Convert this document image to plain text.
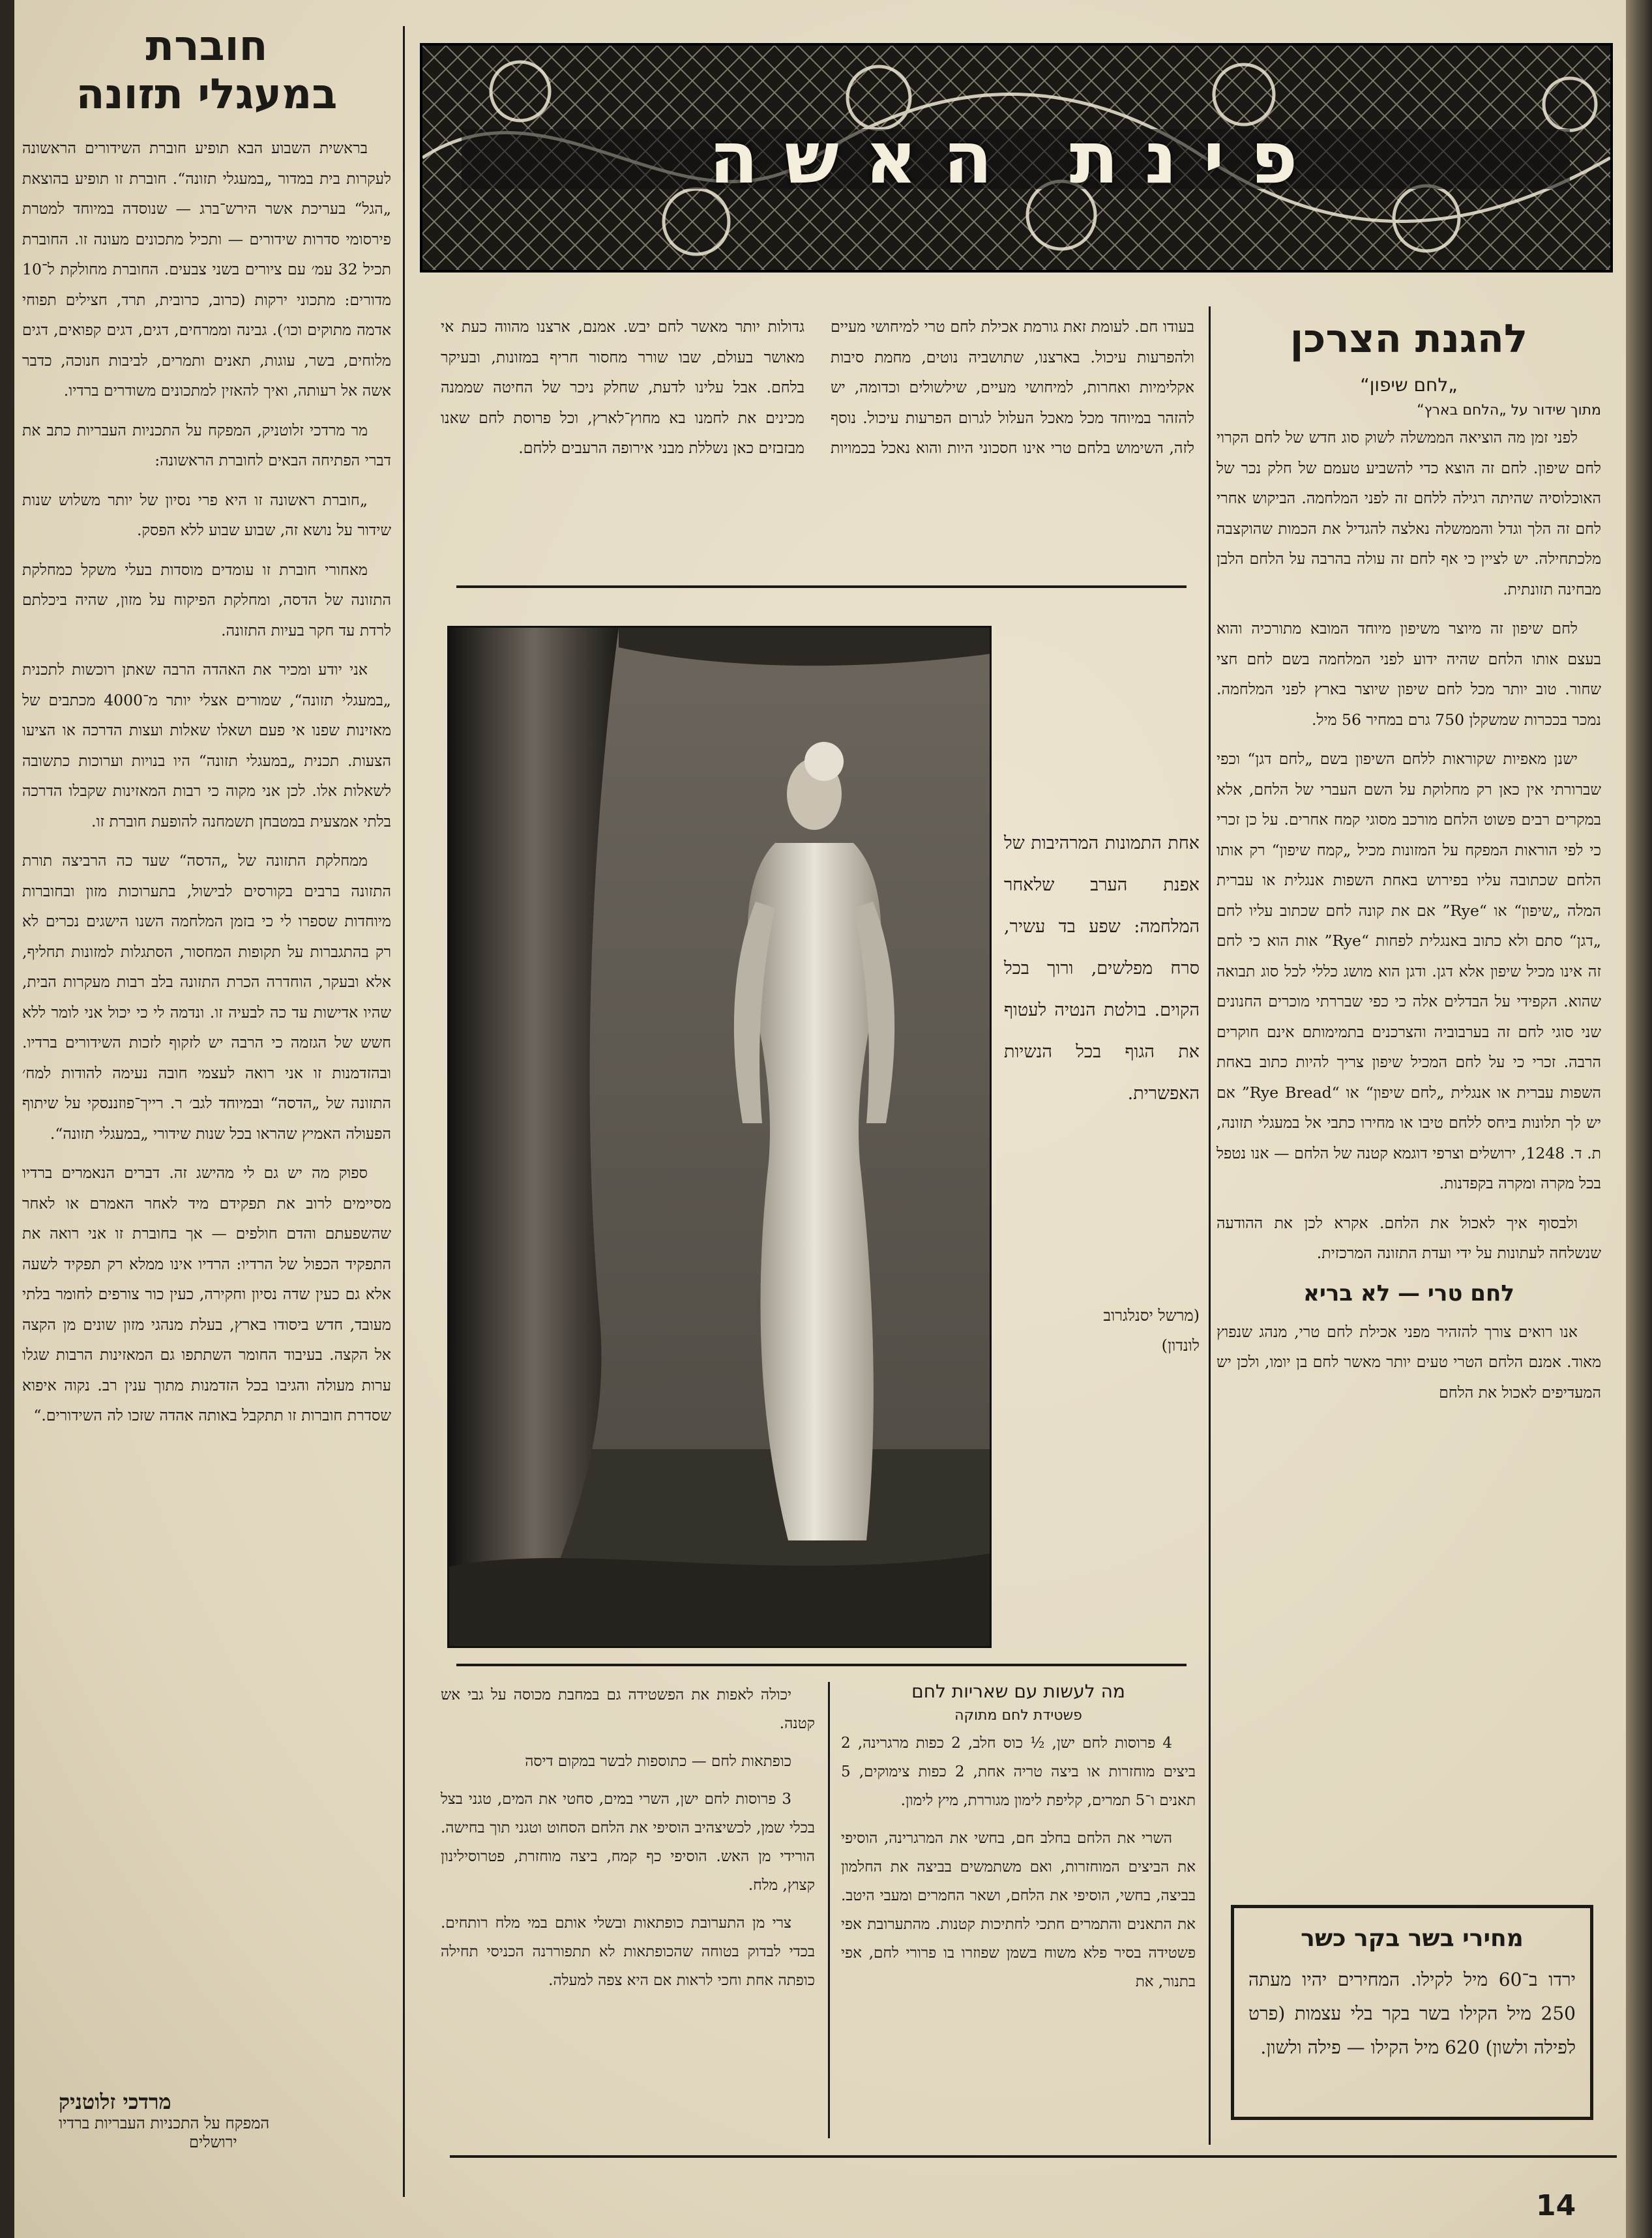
פינת האשה
חוברת
במעגלי תזונה

בראשית השבוע הבא תופיע חוברת השידורים הראשונה לעקרות בית במדור „במעגלי תזונה“. חוברת זו תופיע בהוצאת „הגל“ בעריכת אשר הירש־ברג — שנוסדה במיוחד למטרת פירסומי סדרות שידורים — ותכיל מתכונים מעונה זו. החוברת תכיל 32 עמ׳ עם ציורים בשני צבעים. החוברת מחולקת ל־10 מדורים: מתכוני ירקות (כרוב, כרובית, תרד, חצילים תפוחי אדמה מתוקים וכו׳). גבינה וממרחים, דגים, דגים קפואים, דגים מלוחים, בשר, עוגות, תאנים ותמרים, לביבות חנוכה, כדבר אשה אל רעותה, ואיך להאזין למתכונים משודרים ברדיו.

מר מרדכי זלוטניק, המפקח על התכניות העבריות כתב את דברי הפתיחה הבאים לחוברת הראשונה:

„חוברת ראשונה זו היא פרי נסיון של יותר משלוש שנות שידור על נושא זה, שבוע שבוע ללא הפסק.

מאחורי חוברת זו עומדים מוסדות בעלי משקל כמחלקת התזונה של הדסה, ומחלקת הפיקוח על מזון, שהיה ביכלתם לרדת עד חקר בעיות התזונה.

אני יודע ומכיר את האהדה הרבה שאתן רוכשות לתכנית „במעגלי תזונה“, שמורים אצלי יותר מ־4000 מכתבים של מאזינות שפנו אי פעם ושאלו שאלות ועצות הדרכה או הציעו הצעות. תכנית „במעגלי תזונה“ היו בנויות וערוכות כתשובה לשאלות אלו. לכן אני מקוה כי רבות המאזינות שקבלו הדרכה בלתי אמצעית במטבחן תשמחנה להופעת חוברת זו.

ממחלקת התזונה של „הדסה“ שעד כה הרביצה תורת התזונה ברבים בקורסים לבישול, בתערוכות מזון ובחוברות מיוחדות שספרו לי כי בזמן המלחמה השנו הישגים נכרים לא רק בהתגברות על תקופות המחסור, הסתגלות למזונות תחליף, אלא ובעקר, הוחדרה הכרת התזונה בלב רבות מעקרות הבית, שהיו אדישות עד כה לבעיה זו. ונדמה לי כי יכול אני לומר ללא חשש של הגזמה כי הרבה יש לזקוף לזכות השידורים ברדיו. ובהזדמנות זו אני רואה לעצמי חובה נעימה להודות למח׳ התזונה של „הדסה“ ובמיוחד לגב׳ ר. רייך־פוזננסקי על שיתוף הפעולה האמיץ שהראו בכל שנות שידורי „במעגלי תזונה“.

ספוק מה יש גם לי מהישג זה. דברים הנאמרים ברדיו מסיימים לרוב את תפקידם מיד לאחר האמרם או לאחר שהשפעתם והדם חולפים — אך בחוברת זו אני רואה את התפקיד הכפול של הרדיו: הרדיו אינו ממלא רק תפקיד לשעה אלא גם כעין שדה נסיון וחקירה, כעין כור צורפים לחומר בלתי מעובד, חדש ביסודו בארץ, בעלת מנהגי מזון שונים מן הקצה אל הקצה. בעיבוד החומר השתתפו גם המאזינות הרבות שגלו ערות מעולה והגיבו בכל הזדמנות מתוך ענין רב. נקוה איפוא שסדרת חוברות זו תתקבל באותה אהדה שזכו לה השידורים.“

מרדכי זלוטניק
המפקח על התכניות העבריות ברדיו
ירושלים
להגנת הצרכן
„לחם שיפון“
מתוך שידור על „הלחם בארץ“

לפני זמן מה הוציאה הממשלה לשוק סוג חדש של לחם הקרוי לחם שיפון. לחם זה הוצא כדי להשביע טעמם של חלק נכר של האוכלוסיה שהיתה רגילה ללחם זה לפני המלחמה. הביקוש אחרי לחם זה הלך וגדל והממשלה נאלצה להגדיל את הכמות שהוקצבה מלכתחילה. יש לציין כי אף לחם זה עולה בהרבה על הלחם הלבן מבחינה תזונתית.

לחם שיפון זה מיוצר משיפון מיוחד המובא מתורכיה והוא בעצם אותו הלחם שהיה ידוע לפני המלחמה בשם לחם חצי שחור. טוב יותר מכל לחם שיפון שיוצר בארץ לפני המלחמה. נמכר בככרות שמשקלן 750 גרם במחיר 56 מיל.

ישנן מאפיות שקוראות ללחם השיפון בשם „לחם דגן“ וכפי שברורתי אין כאן רק מחלוקת על השם העברי של הלחם, אלא במקרים רבים פשוט הלחם מורכב מסוגי קמח אחרים. על כן זכרי כי לפי הוראות המפקח על המזונות מכיל „קמח שיפון“ רק אותו הלחם שכתובה עליו בפירוש באחת השפות אנגלית או עברית המלה „שיפון“ או “Rye” אם את קונה לחם שכתוב עליו לחם „דגן“ סתם ולא כתוב באנגלית לפחות “Rye” אות הוא כי לחם זה אינו מכיל שיפון אלא דגן. ודגן הוא מושג כללי לכל סוג תבואה שהוא. הקפידי על הבדלים אלה כי כפי שבררתי מוכרים החנונים שני סוגי לחם זה בערבוביה והצרכנים בתמימותם אינם חוקרים הרבה. זכרי כי על לחם המכיל שיפון צריך להיות כתוב באחת השפות עברית או אנגלית „לחם שיפון“ או “Rye Bread” אם יש לך תלונות ביחס ללחם טיבו או מחירו כתבי אל במעגלי תזונה, ת. ד. 1248, ירושלים וצרפי דוגמא קטנה של הלחם — אנו נטפל בכל מקרה ומקרה בקפדנות.

ולבסוף איך לאכול את הלחם. אקרא לכן את ההודעה שנשלחה לעתונות על ידי ועדת התזונה המרכזית.

לחם טרי — לא בריא

אנו רואים צורך להזהיר מפני אכילת לחם טרי, מנהג שנפוץ מאוד. אמנם הלחם הטרי טעים יותר מאשר לחם בן יומו, ולכן יש המעדיפים לאכול את הלחם

בעודו חם. לעומת זאת גורמת אכילת לחם טרי למיחושי מעיים ולהפרעות עיכול. בארצנו, שתושביה נוטים, מחמת סיבות אקלימיות ואחרות, למיחושי מעיים, שילשולים וכדומה, יש להזהר במיוחד מכל מאכל העלול לגרום הפרעות עיכול. נוסף לזה, השימוש בלחם טרי אינו חסכוני היות והוא נאכל בכמויות גדולות יותר מאשר לחם יבש. אמנם, ארצנו מהווה כעת אי מאושר בעולם, שבו שורר מחסור חריף במזונות, ובעיקר בלחם. אבל עלינו לדעת, שחלק ניכר של החיטה שממנה מכינים את לחמנו בא מחוץ־לארץ, וכל פרוסת לחם שאנו מבזבזים כאן נשללת מבני אירופה הרעבים ללחם.
אחת התמונות המרהיבות של אפנת הערב שלאחר המלחמה: שפע בד עשיר, סרח מפלשים, ורוך בכל הקוים. בולטת הנטיה לעטוף את הגוף בכל הנשיות האפשרית.
(מרשל יסנלגרוב
לונדון)
מה לעשות עם שאריות לחם
פשטידת לחם מתוקה

4 פרוסות לחם ישן, ½ כוס חלב, 2 כפות מרגרינה, 2 ביצים מוחזרות או ביצה טריה אחת, 2 כפות צימוקים, 5 תאנים ו־5 תמרים, קליפת לימון מגוררת, מיץ לימון.

השרי את הלחם בחלב חם, בחשי את המרגרינה, הוסיפי את הביצים המוחזרות, ואם משתמשים בביצה את החלמון בביצה, בחשי, הוסיפי את הלחם, ושאר החמרים ומעבי היטב. את התאנים והתמרים חתכי לחתיכות קטנות. מהתערובת אפי פשטידה בסיר פלא משוח בשמן שפוזרו בו פרורי לחם, אפי בתנור, את

יכולה לאפות את הפשטידה גם במחבת מכוסה על גבי אש קטנה.

כופתאות לחם — כתוספות לבשר במקום דיסה

3 פרוסות לחם ישן, השרי במים, סחטי את המים, טגני בצל בכלי שמן, לכשיצהיב הוסיפי את הלחם הסחוט וטגני תוך בחישה. הורידי מן האש. הוסיפי כף קמח, ביצה מוחזרת, פטרוסילינון קצוץ, מלח.

צרי מן התערובת כופתאות ובשלי אותם במי מלח רותחים. בכדי לבדוק בטוחה שהכופתאות לא תתפוררנה הכניסי תחילה כופתה אחת וחכי לראות אם היא צפה למעלה.

מחירי בשר בקר כשר
ירדו ב־60 מיל לקילו. המחירים יהיו מעתה 250 מיל הקילו בשר בקר בלי עצמות (פרט לפילה ולשון) 620 מיל הקילו — פילה ולשון.
14
